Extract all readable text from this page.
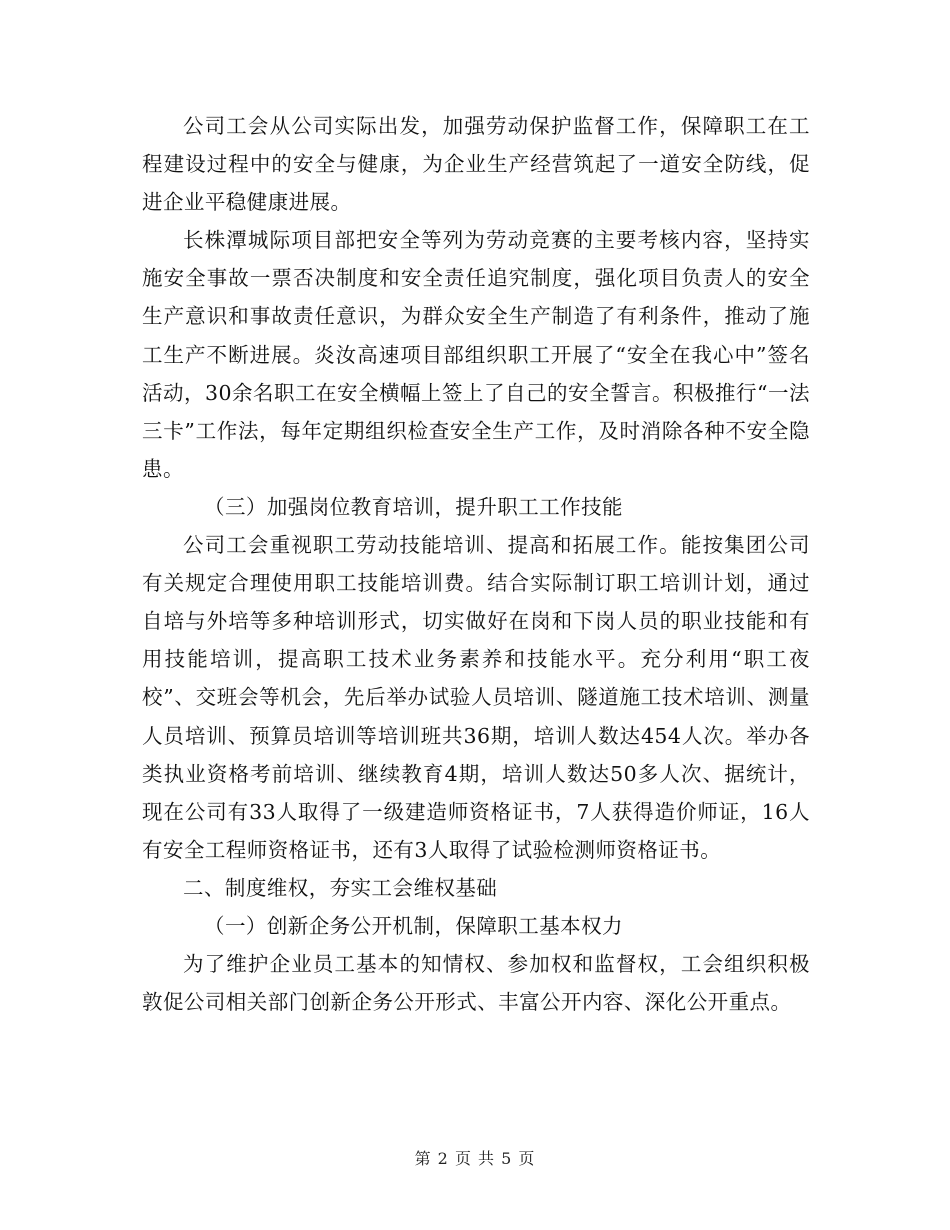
公司工会从公司实际出发，加强劳动保护监督工作，保障职工在工程建设过程中的安全与健康，为企业生产经营筑起了一道安全防线，促进企业平稳健康进展。

长株潭城际项目部把安全等列为劳动竞赛的主要考核内容，坚持实施安全事故一票否决制度和安全责任追究制度，强化项目负责人的安全生产意识和事故责任意识，为群众安全生产制造了有利条件，推动了施工生产不断进展。炎汝高速项目部组织职工开展了“安全在我心中”签名活动，30余名职工在安全横幅上签上了自己的安全誓言。积极推行“一法三卡”工作法，每年定期组织检查安全生产工作，及时消除各种不安全隐患。

（三）加强岗位教育培训，提升职工工作技能

公司工会重视职工劳动技能培训、提高和拓展工作。能按集团公司有关规定合理使用职工技能培训费。结合实际制订职工培训计划，通过自培与外培等多种培训形式，切实做好在岗和下岗人员的职业技能和有用技能培训，提高职工技术业务素养和技能水平。充分利用“职工夜校”、交班会等机会，先后举办试验人员培训、隧道施工技术培训、测量人员培训、预算员培训等培训班共36期，培训人数达454人次。举办各类执业资格考前培训、继续教育4期，培训人数达50多人次、据统计，现在公司有33人取得了一级建造师资格证书，7人获得造价师证，16人有安全工程师资格证书，还有3人取得了试验检测师资格证书。

二、制度维权，夯实工会维权基础

（一）创新企务公开机制，保障职工基本权力

为了维护企业员工基本的知情权、参加权和监督权，工会组织积极敦促公司相关部门创新企务公开形式、丰富公开内容、深化公开重点。

第 2 页 共 5 页
